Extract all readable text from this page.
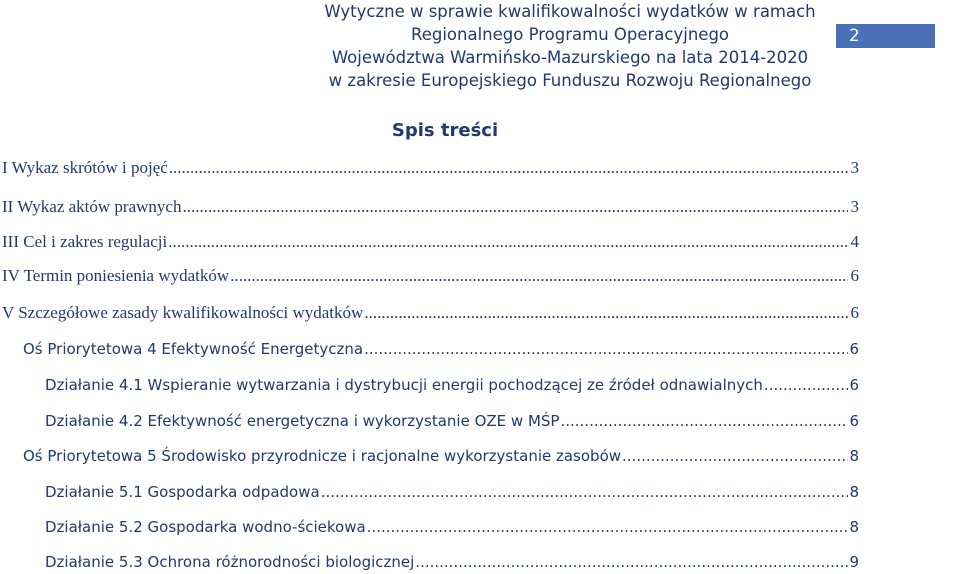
Wytyczne w sprawie kwalifikowalności wydatków w ramach
Regionalnego Programu Operacyjnego
Województwa Warmińsko-Mazurskiego na lata 2014-2020
w zakresie Europejskiego Funduszu Rozwoju Regionalnego
2
Spis treści
I Wykaz skrótów i pojęć .....	3
II Wykaz aktów prawnych .....	3
III Cel i zakres regulacji .....	4
IV Termin poniesienia wydatków .....	6
V Szczegółowe zasady kwalifikowalności wydatków .....	6
Oś Priorytetowa 4 Efektywność Energetyczna .....	6
Działanie 4.1 Wspieranie wytwarzania i dystrybucji energii pochodzącej ze źródeł odnawialnych .....	6
Działanie 4.2 Efektywność energetyczna i wykorzystanie OZE w MŚP .....	6
Oś Priorytetowa 5 Środowisko przyrodnicze i racjonalne wykorzystanie zasobów .....	8
Działanie 5.1 Gospodarka odpadowa .....	8
Działanie 5.2 Gospodarka wodno-ściekowa .....	8
Działanie 5.3 Ochrona różnorodności biologicznej .....	9
